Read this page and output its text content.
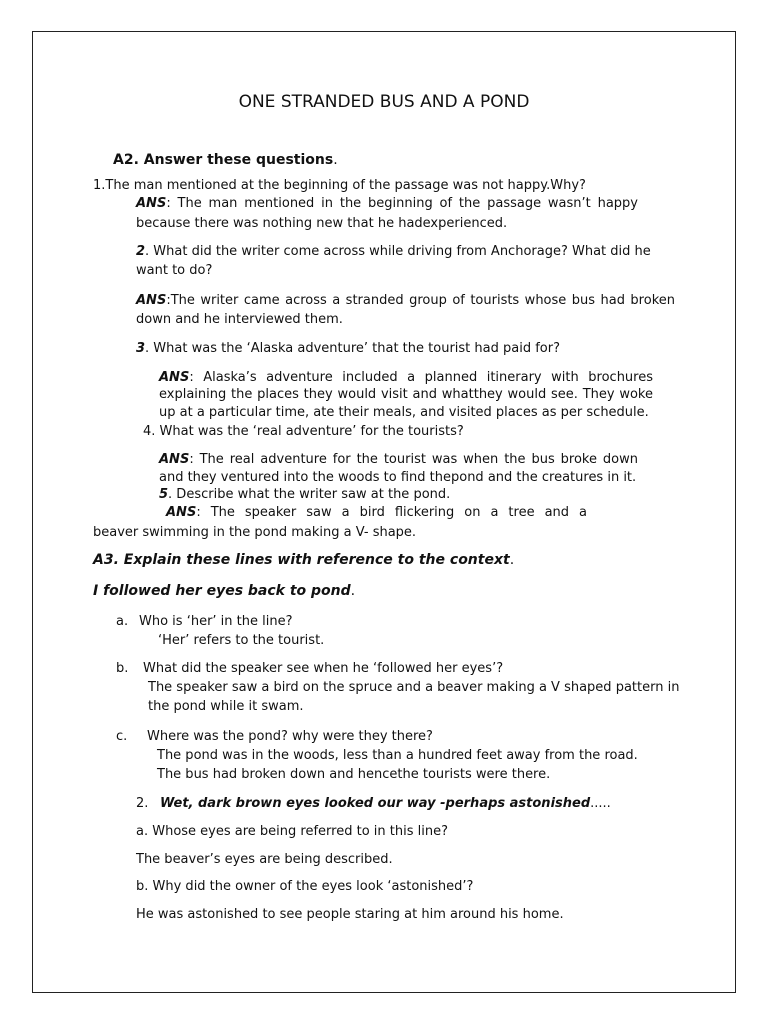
ONE STRANDED BUS AND A POND
A2. Answer these questions.
1.The man mentioned at the beginning of the passage was not happy.Why?
ANS: The man mentioned in the beginning of the passage wasn’t happy
because there was nothing new that he hadexperienced.
2. What did the writer come across while driving from Anchorage? What did he
want to do?
ANS:The writer came across a stranded group of tourists whose bus had broken
down and he interviewed them.
3. What was the ‘Alaska adventure’ that the tourist had paid for?
ANS: Alaska’s adventure included a planned itinerary with brochures
explaining the places they would visit and whatthey would see. They woke
up at a particular time, ate their meals, and visited places as per schedule.
4. What was the ‘real adventure’ for the tourists?
ANS: The real adventure for the tourist was when the bus broke down
and they ventured into the woods to find thepond and the creatures in it.
5. Describe what the writer saw at the pond.
ANS: The speaker saw a bird flickering on a tree and a
beaver swimming in the pond making a V- shape.
A3. Explain these lines with reference to the context.
I followed her eyes back to pond.
a. Who is ‘her’ in the line?
‘Her’ refers to the tourist.
b. What did the speaker see when he ‘followed her eyes’?
The speaker saw a bird on the spruce and a beaver making a V shaped pattern in
the pond while it swam.
c. Where was the pond? why were they there?
The pond was in the woods, less than a hundred feet away from the road.
The bus had broken down and hencethe tourists were there.
2. Wet, dark brown eyes looked our way -perhaps astonished.....
a. Whose eyes are being referred to in this line?
The beaver’s eyes are being described.
b. Why did the owner of the eyes look ‘astonished’?
He was astonished to see people staring at him around his home.
